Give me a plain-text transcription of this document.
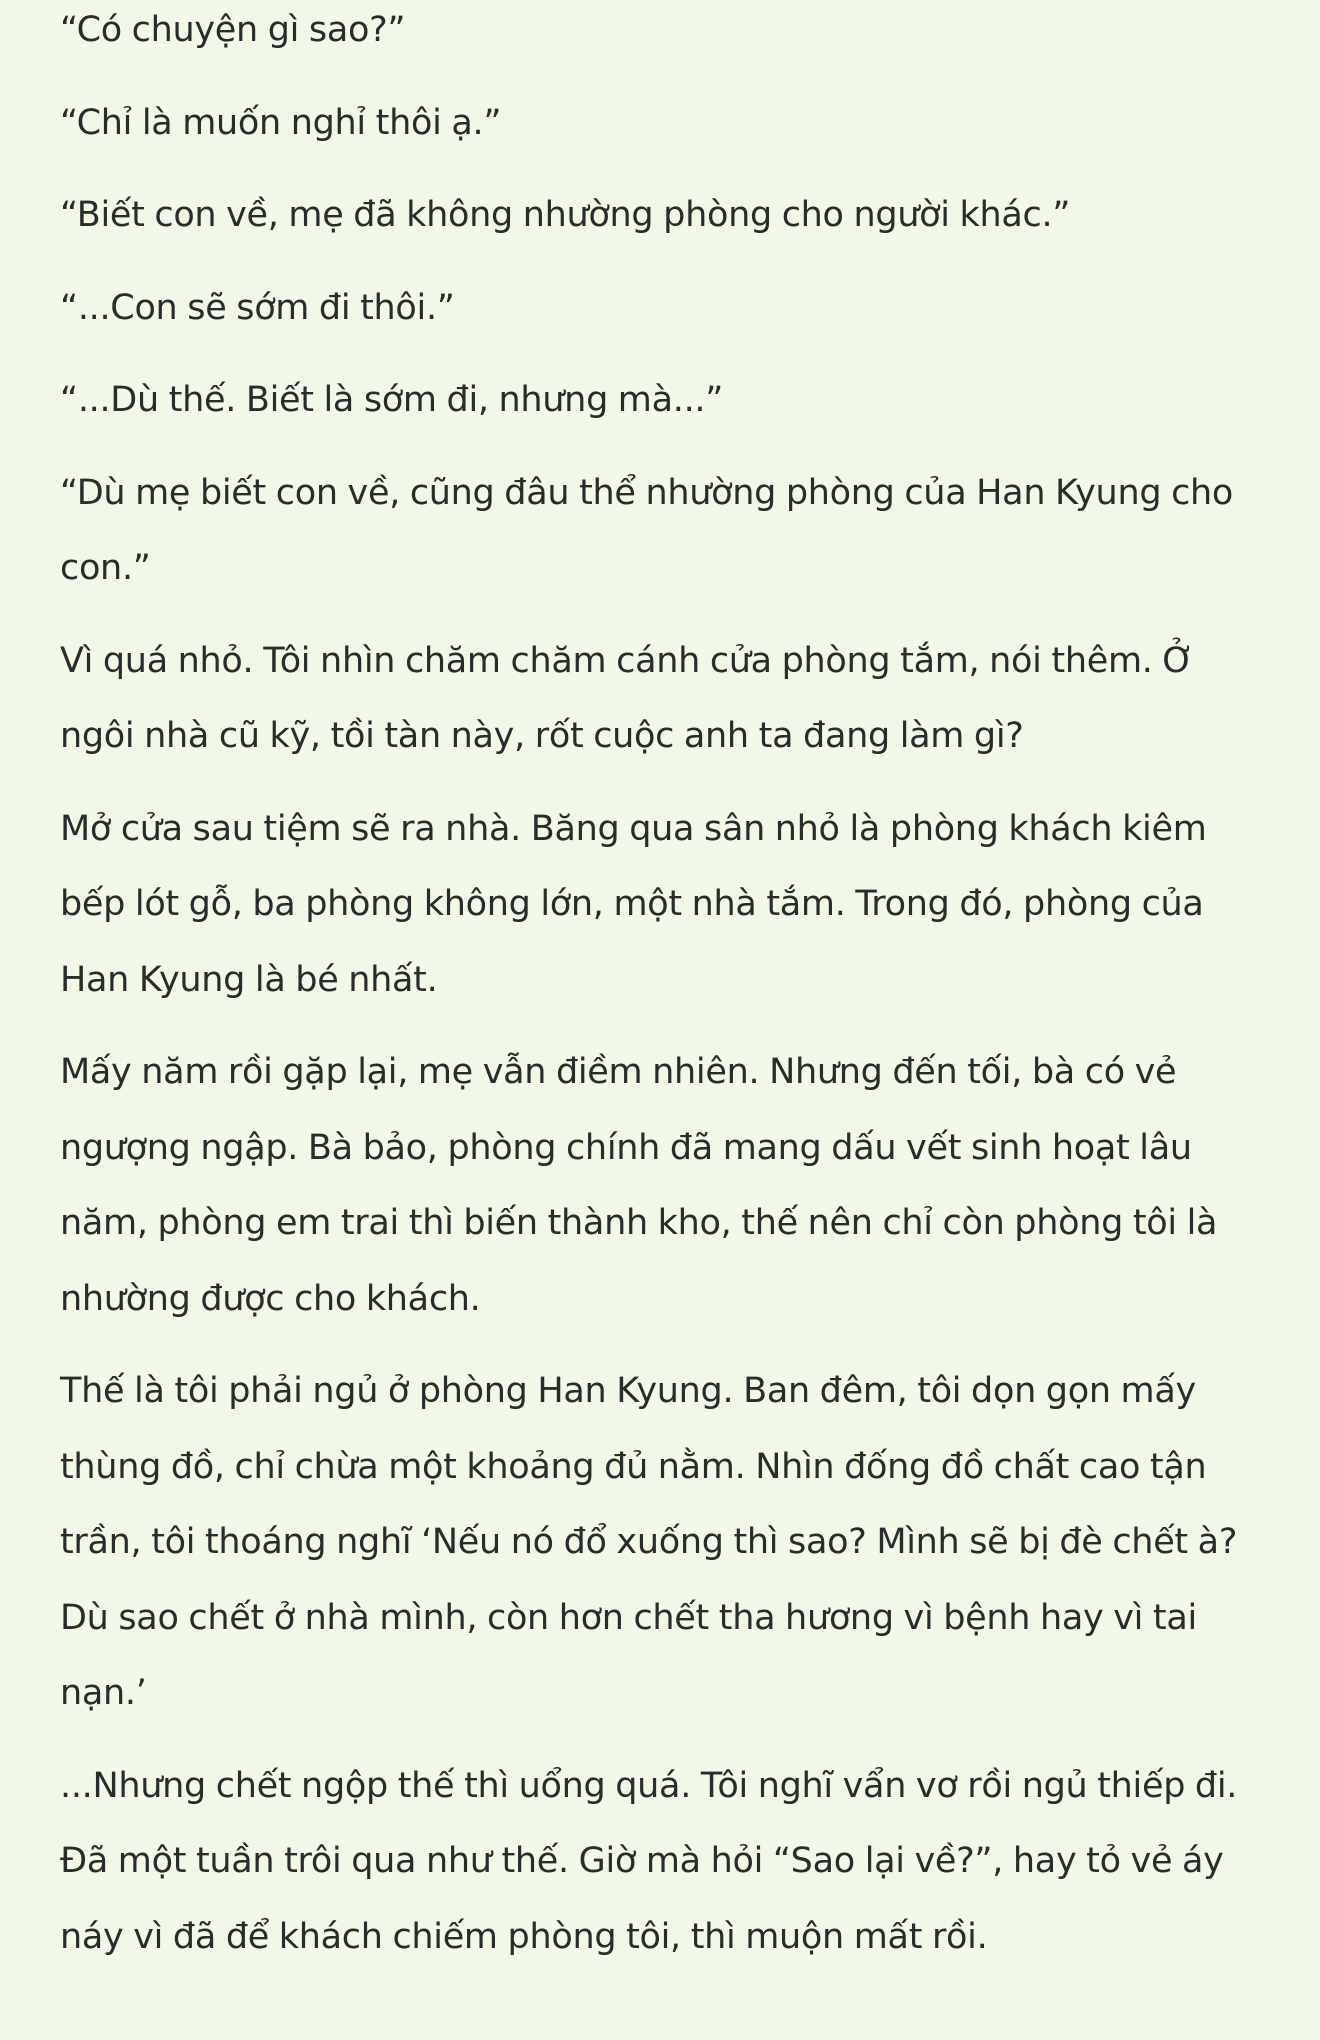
“Có chuyện gì sao?”

“Chỉ là muốn nghỉ thôi ạ.”

“Biết con về, mẹ đã không nhường phòng cho người khác.”

“...Con sẽ sớm đi thôi.”

“...Dù thế. Biết là sớm đi, nhưng mà...”

“Dù mẹ biết con về, cũng đâu thể nhường phòng của Han Kyung cho con.”

Vì quá nhỏ. Tôi nhìn chăm chăm cánh cửa phòng tắm, nói thêm. Ở ngôi nhà cũ kỹ, tồi tàn này, rốt cuộc anh ta đang làm gì?

Mở cửa sau tiệm sẽ ra nhà. Băng qua sân nhỏ là phòng khách kiêm bếp lót gỗ, ba phòng không lớn, một nhà tắm. Trong đó, phòng của Han Kyung là bé nhất.

Mấy năm rồi gặp lại, mẹ vẫn điềm nhiên. Nhưng đến tối, bà có vẻ ngượng ngập. Bà bảo, phòng chính đã mang dấu vết sinh hoạt lâu năm, phòng em trai thì biến thành kho, thế nên chỉ còn phòng tôi là nhường được cho khách.

Thế là tôi phải ngủ ở phòng Han Kyung. Ban đêm, tôi dọn gọn mấy thùng đồ, chỉ chừa một khoảng đủ nằm. Nhìn đống đồ chất cao tận trần, tôi thoáng nghĩ ‘Nếu nó đổ xuống thì sao? Mình sẽ bị đè chết à? Dù sao chết ở nhà mình, còn hơn chết tha hương vì bệnh hay vì tai nạn.’

...Nhưng chết ngộp thế thì uổng quá. Tôi nghĩ vẩn vơ rồi ngủ thiếp đi. Đã một tuần trôi qua như thế. Giờ mà hỏi “Sao lại về?”, hay tỏ vẻ áy náy vì đã để khách chiếm phòng tôi, thì muộn mất rồi.
